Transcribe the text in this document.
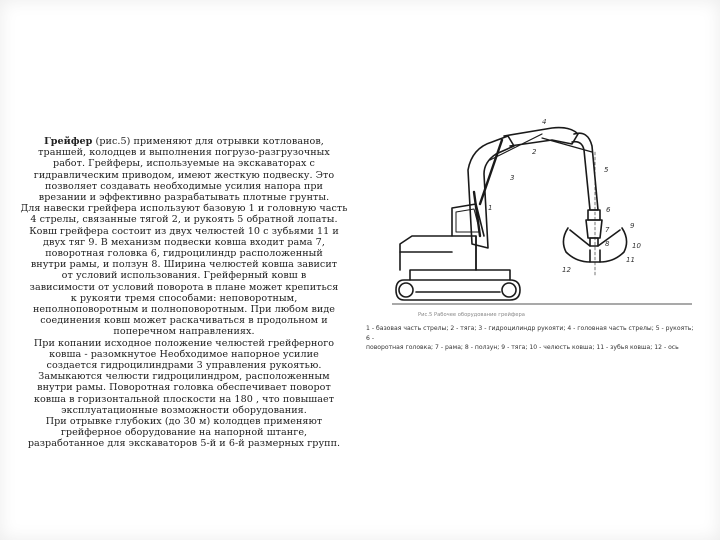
Грейфер (рис.5) применяют для отрывки котлованов,

траншей, колодцев и выполнения погрузо-разгрузочных

работ. Грейферы, используемые на экскаваторах с

гидравлическим приводом, имеют жесткую подвеску. Это

позволяет создавать необходимые усилия напора при

врезании и эффективно разрабатывать плотные грунты.

Для навески грейфера используют базовую 1 и головную часть

4 стрелы, связанные тягой 2, и рукоять 5 обратной лопаты.

Ковш грейфера состоит из двух челюстей 10 с зубьями 11 и

двух тяг 9. В механизм подвески ковша входит рама 7,

поворотная головка 6, гидроцилиндр расположенный

внутри рамы, и ползун 8. Ширина челюстей ковша зависит

от условий использования. Грейферный ковш в

зависимости от условий поворота в плане может крепиться

к рукояти тремя способами: неповоротным,

неполноповоротным и полноповоротным. При любом виде

соединения ковш может раскачиваться в продольном и

поперечном направлениях.

При копании исходное положение челюстей грейферного

ковша - разомкнутое Необходимое напорное усилие

создается гидроцилиндрами 3 управления рукоятью.

Замыкаются челюсти гидроцилиндром, расположенным

внутри рамы. Поворотная головка обеспечивает поворот

ковша в горизонтальной плоскости на 180 , что повышает

эксплуатационные возможности оборудования.

При отрывке глубоких (до 30 м) колодцев применяют

грейферное оборудование на напорной штанге,

разработанное для экскаваторов 5-й и 6-й размерных групп.

1
2
3
4
5
6
7
8
9
10
11
12
Рис.5 Рабочее оборудование грейфера
1 - базовая часть стрелы; 2 - тяга; 3 - гидроцилиндр рукояти; 4 - головная часть стрелы; 5 - рукоять; 6 -
поворотная головка; 7 - рама; 8 - ползун; 9 - тяга; 10 - челюсть ковша; 11 - зубья ковша; 12 - ось
